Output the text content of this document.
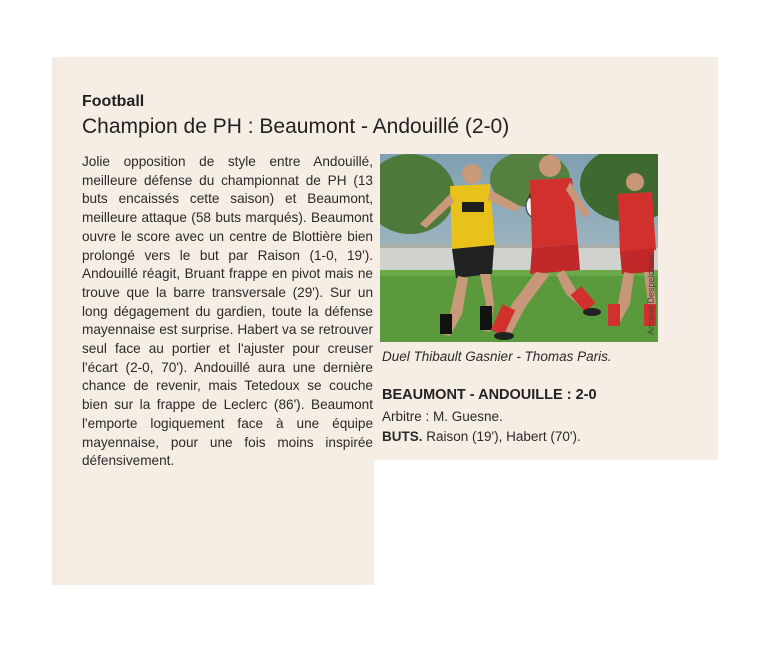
Football
Champion de PH : Beaumont - Andouillé (2-0)

Jolie opposition de style entre Andouillé, meilleure défense du championnat de PH (13 buts encaissés cette saison) et Beaumont, meilleure attaque (58 buts marqués). Beaumont ouvre le score avec un centre de Blottière bien prolongé vers le but par Raison (1-0, 19'). Andouillé réagit, Bruant frappe en pivot mais ne trouve que la barre transversale (29'). Sur un long dégagement du gardien, toute la défense mayennaise est surprise. Habert va se retrouver seul face au portier et l'ajuster pour creuser l'écart (2-0, 70'). Andouillé aura une dernière chance de revenir, mais Tetedoux se couche bien sur la frappe de Leclerc (86'). Beaumont l'emporte logiquement face à une équipe mayennaise, pour une fois moins inspirée défensivement.

Arnaud Despelchain
Duel Thibault Gasnier - Thomas Paris.
BEAUMONT - ANDOUILLE : 2-0
Arbitre : M. Guesne.
BUTS. Raison (19'), Habert (70').
